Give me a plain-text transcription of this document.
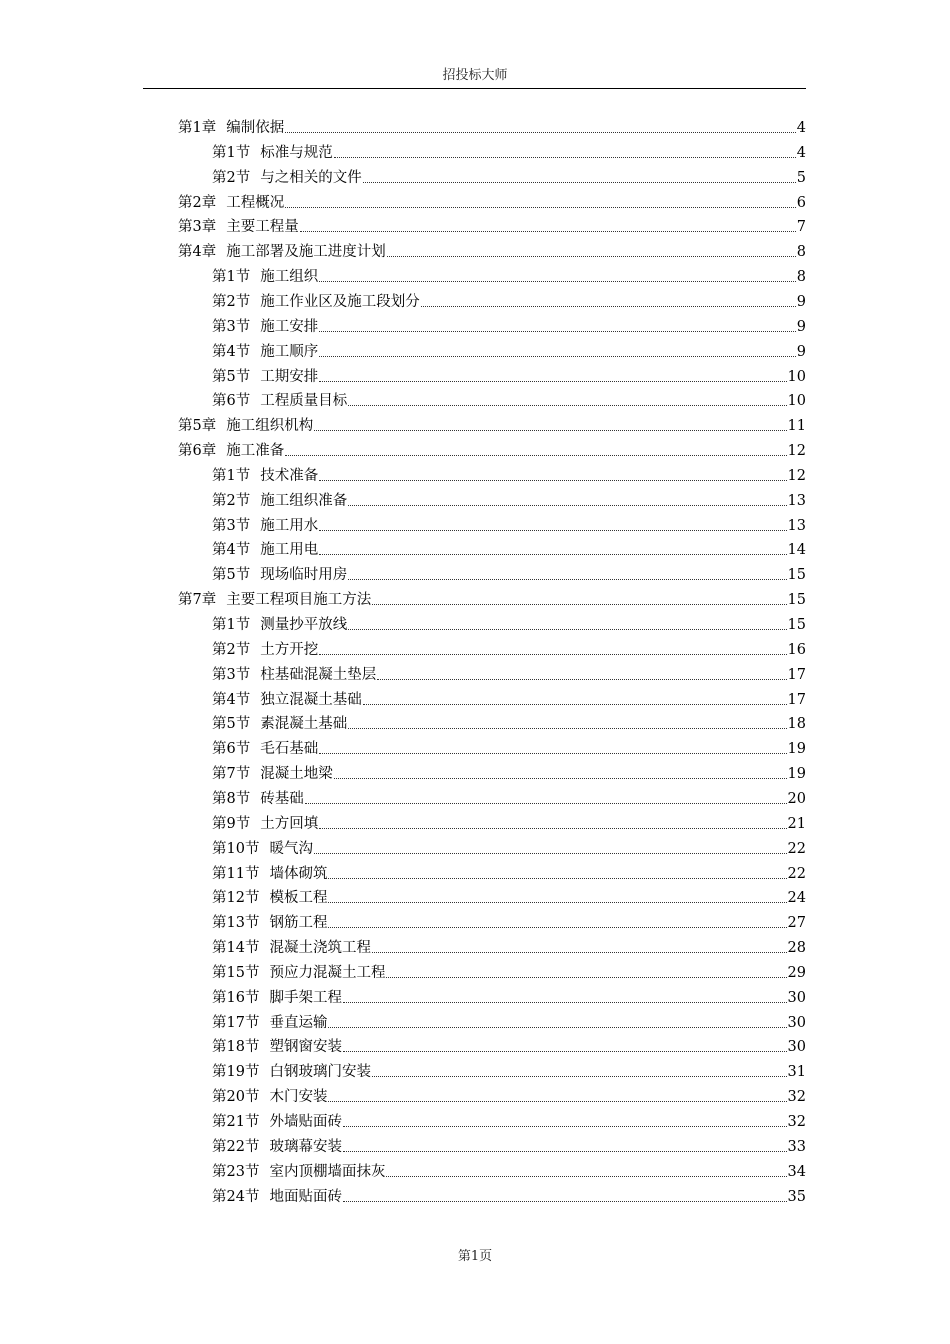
招投标大师
第1章 编制依据	4
第1节 标准与规范	4
第2节 与之相关的文件	5
第2章 工程概况	6
第3章 主要工程量	7
第4章 施工部署及施工进度计划	8
第1节 施工组织	8
第2节 施工作业区及施工段划分	9
第3节 施工安排	9
第4节 施工顺序	9
第5节 工期安排	10
第6节 工程质量目标	10
第5章 施工组织机构	11
第6章 施工准备	12
第1节 技术准备	12
第2节 施工组织准备	13
第3节 施工用水	13
第4节 施工用电	14
第5节 现场临时用房	15
第7章 主要工程项目施工方法	15
第1节 测量抄平放线	15
第2节 土方开挖	16
第3节 柱基础混凝土垫层	17
第4节 独立混凝土基础	17
第5节 素混凝土基础	18
第6节 毛石基础	19
第7节 混凝土地梁	19
第8节 砖基础	20
第9节 土方回填	21
第10节 暖气沟	22
第11节 墙体砌筑	22
第12节 模板工程	24
第13节 钢筋工程	27
第14节 混凝土浇筑工程	28
第15节 预应力混凝土工程	29
第16节 脚手架工程	30
第17节 垂直运输	30
第18节 塑钢窗安装	30
第19节 白钢玻璃门安装	31
第20节 木门安装	32
第21节 外墙贴面砖	32
第22节 玻璃幕安装	33
第23节 室内顶棚墙面抹灰	34
第24节 地面贴面砖	35
第1页
